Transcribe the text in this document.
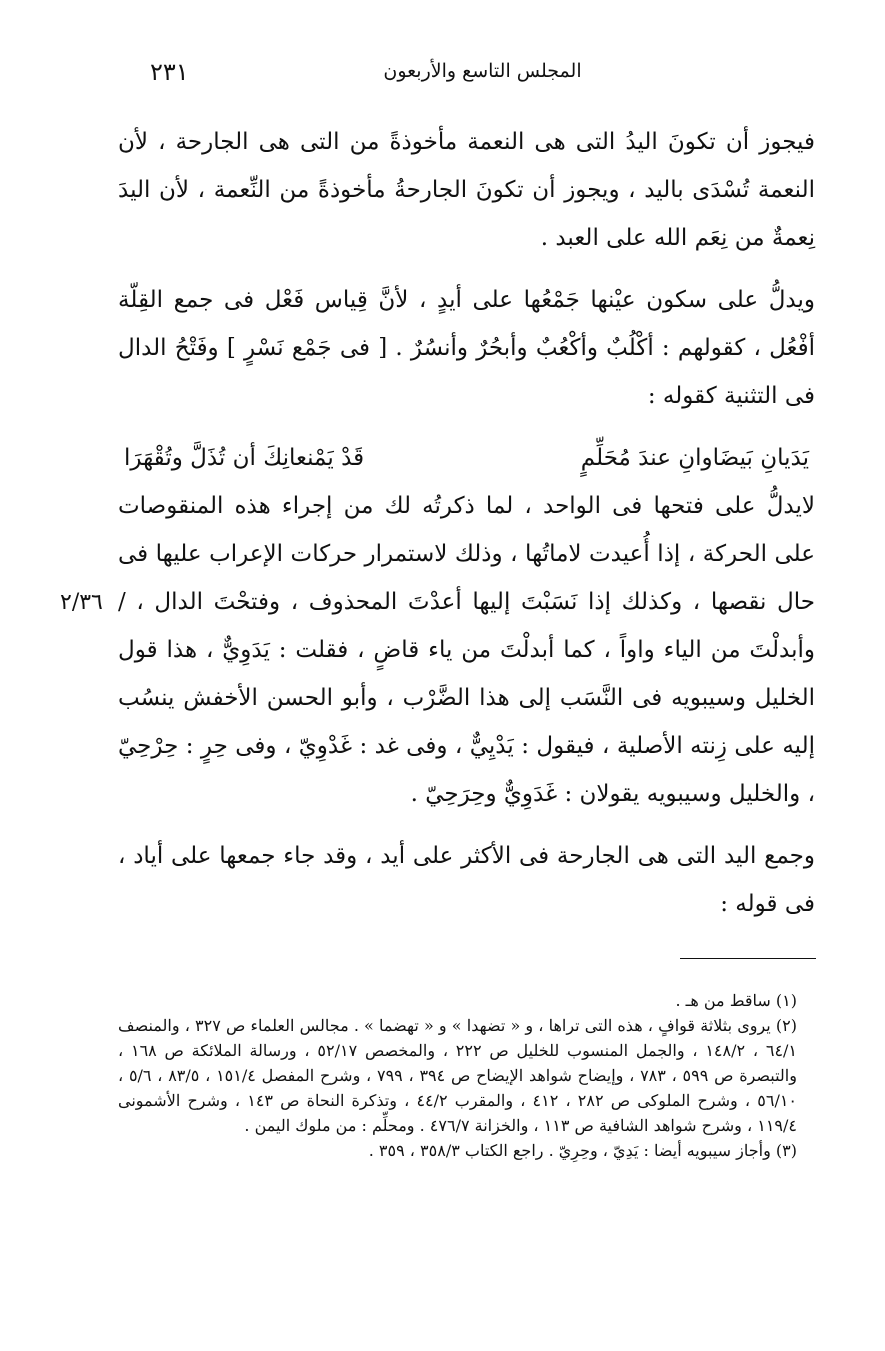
المجلس التاسع والأربعون
٢٣١
٢/٣٦

فيجوز أن تكونَ اليدُ التى هى النعمة مأخوذةً من التى هى الجارحة ، لأن النعمة تُسْدَى باليد ، ويجوز أن تكونَ الجارحةُ مأخوذةً من النِّعمة ، لأن اليدَ نِعمةٌ من نِعَم الله على العبد .

ويدلُّ على سكون عيْنها جَمْعُها على أيدٍ ، لأنَّ قِياس فَعْل فى جمع القِلّة أفْعُل ، كقولهم : أكْلُبٌ وأكْعُبٌ وأبحُرٌ وأنسُرٌ . [ فى جَمْع نَسْرٍ ] وفَتْحُ الدال فى التثنية كقوله :

يَدَيانِ بَيضَاوانِ عندَ مُحَلِّمٍ
قَدْ يَمْنعانِكَ أن تُذَلَّ وتُقْهَرَا

لايدلُّ على فتحها فى الواحد ، لما ذكرتُه لك من إجراء هذه المنقوصات على الحركة ، إذا أُعيدت لاماتُها ، وذلك لاستمرار حركات الإعراب عليها فى حال نقصها ، وكذلك إذا نَسَبْتَ إليها أعدْتَ المحذوف ، وفتحْتَ الدال ، / وأبدلْتَ من الياء واواً ، كما أبدلْتَ من ياء قاضٍ ، فقلت : يَدَوِيٌّ ، هذا قول الخليل وسيبويه فى النَّسَب إلى هذا الضَّرْب ، وأبو الحسن الأخفش ينسُب إليه على زِنته الأصلية ، فيقول : يَدْيِيٌّ ، وفى غد : غَدْوِيّ ، وفى حِرٍ : حِرْحِيّ ، والخليل وسيبويه يقولان : غَدَوِيٌّ وحِرَحِيّ .

وجمع اليد التى هى الجارحة فى الأكثر على أيد ، وقد جاء جمعها على أياد ، فى قوله :

(١) ساقط من هـ .

(٢) يروى بثلاثة قوافٍ ، هذه التى تراها ، و « تضهدا » و « تهضما » . مجالس العلماء ص ٣٢٧ ، والمنصف ٦٤/١ ، ١٤٨/٢ ، والجمل المنسوب للخليل ص ٢٢٢ ، والمخصص ٥٢/١٧ ، ورسالة الملائكة ص ١٦٨ ، والتبصرة ص ٥٩٩ ، ٧٨٣ ، وإيضاح شواهد الإيضاح ص ٣٩٤ ، ٧٩٩ ، وشرح المفصل ١٥١/٤ ، ٨٣/٥ ، ٥/٦ ، ٥٦/١٠ ، وشرح الملوكى ص ٢٨٢ ، ٤١٢ ، والمقرب ٤٤/٢ ، وتذكرة النحاة ص ١٤٣ ، وشرح الأشمونى ١١٩/٤ ، وشرح شواهد الشافية ص ١١٣ ، والخزانة ٤٧٦/٧ . ومحلِّم : من ملوك اليمن .

(٣) وأجاز سيبويه أيضا : يَدِيّ ، وحِرِيّ . راجع الكتاب ٣٥٨/٣ ، ٣٥٩ .
